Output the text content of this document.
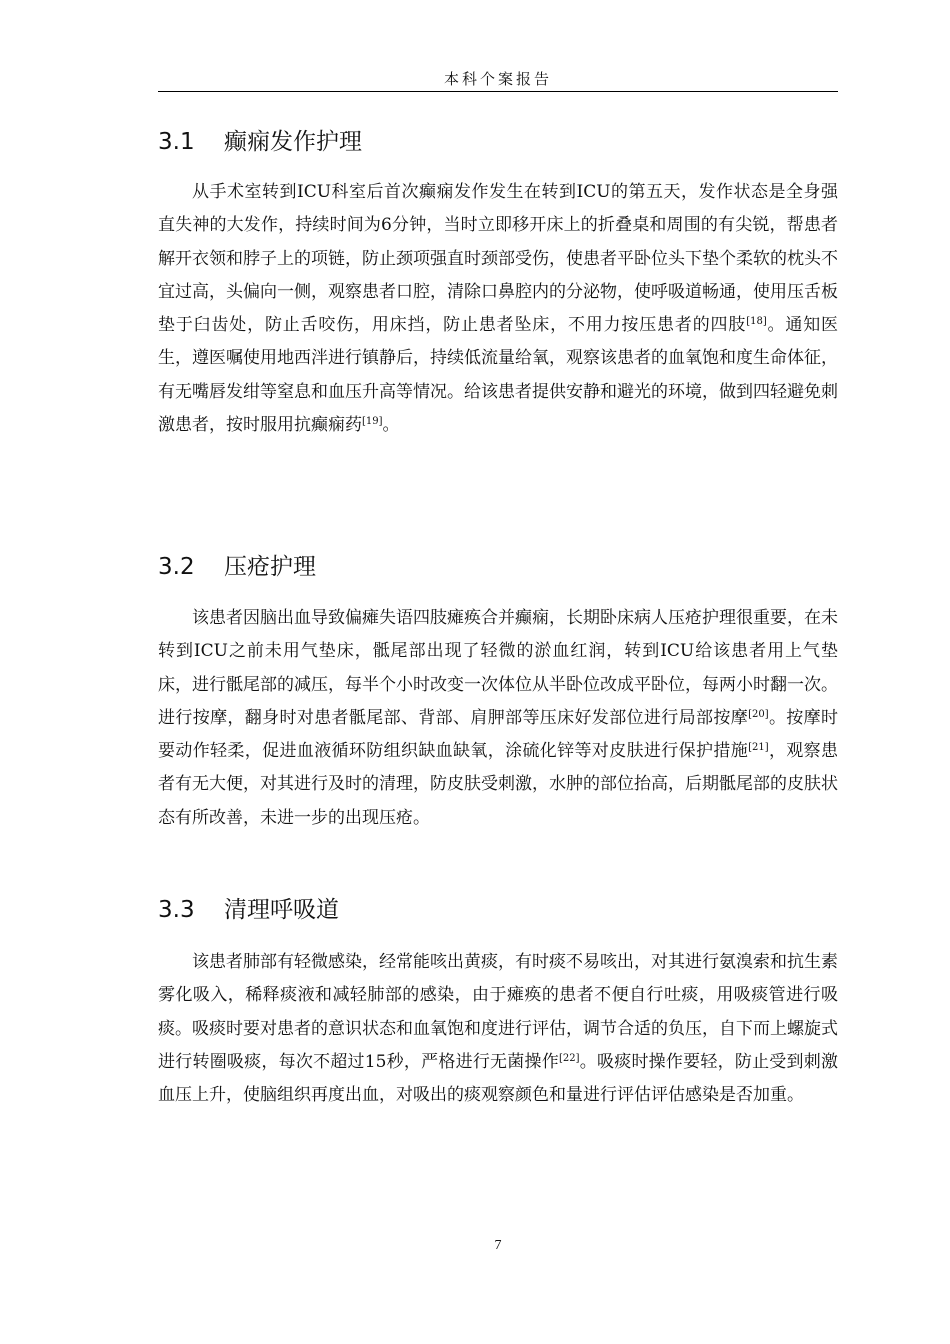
本科个案报告
3.1 癫痫发作护理

从手术室转到ICU科室后首次癫痫发作发生在转到ICU的第五天，发作状态是全身强直失神的大发作，持续时间为6分钟，当时立即移开床上的折叠桌和周围的有尖锐，帮患者解开衣领和脖子上的项链，防止颈项强直时颈部受伤，使患者平卧位头下垫个柔软的枕头不宜过高，头偏向一侧，观察患者口腔，清除口鼻腔内的分泌物，使呼吸道畅通，使用压舌板垫于臼齿处，防止舌咬伤，用床挡，防止患者坠床，不用力按压患者的四肢[18]。通知医生，遵医嘱使用地西泮进行镇静后，持续低流量给氧，观察该患者的血氧饱和度生命体征，有无嘴唇发绀等窒息和血压升高等情况。给该患者提供安静和避光的环境，做到四轻避免刺激患者，按时服用抗癫痫药[19]。

3.2 压疮护理

该患者因脑出血导致偏瘫失语四肢瘫痪合并癫痫，长期卧床病人压疮护理很重要，在未转到ICU之前未用气垫床，骶尾部出现了轻微的淤血红润，转到ICU给该患者用上气垫床，进行骶尾部的减压，每半个小时改变一次体位从半卧位改成平卧位，每两小时翻一次。进行按摩，翻身时对患者骶尾部、背部、肩胛部等压床好发部位进行局部按摩[20]。按摩时要动作轻柔，促进血液循环防组织缺血缺氧，涂硫化锌等对皮肤进行保护措施[21]，观察患者有无大便，对其进行及时的清理，防皮肤受刺激，水肿的部位抬高，后期骶尾部的皮肤状态有所改善，未进一步的出现压疮。

3.3 清理呼吸道

该患者肺部有轻微感染，经常能咳出黄痰，有时痰不易咳出，对其进行氨溴索和抗生素雾化吸入，稀释痰液和减轻肺部的感染，由于瘫痪的患者不便自行吐痰，用吸痰管进行吸痰。吸痰时要对患者的意识状态和血氧饱和度进行评估，调节合适的负压，自下而上螺旋式进行转圈吸痰，每次不超过15秒，严格进行无菌操作[22]。吸痰时操作要轻，防止受到刺激血压上升，使脑组织再度出血，对吸出的痰观察颜色和量进行评估评估感染是否加重。

7
